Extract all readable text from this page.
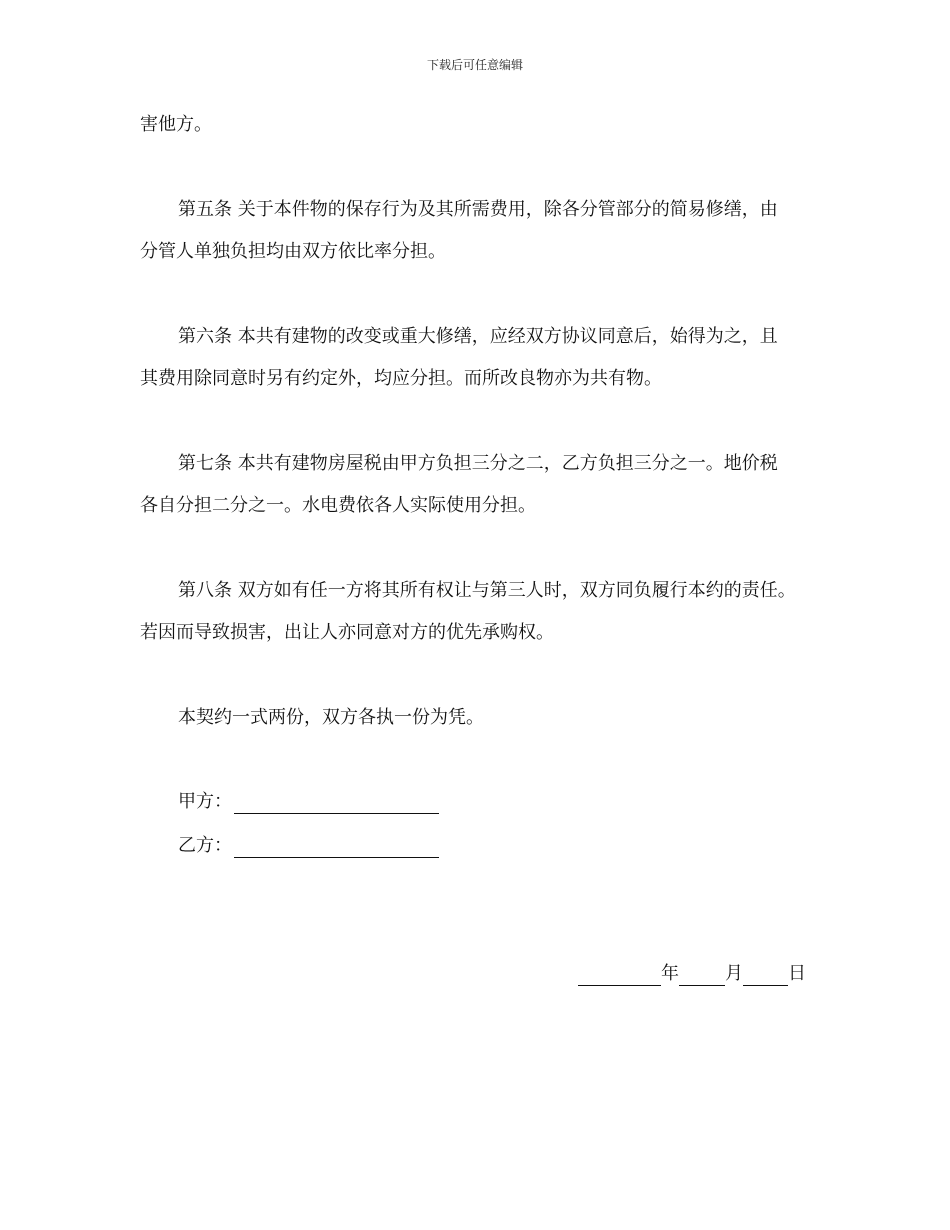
下载后可任意编辑
害他方。
第五条 关于本件物的保存行为及其所需费用，除各分管部分的简易修缮，由
分管人单独负担均由双方依比率分担。
第六条 本共有建物的改变或重大修缮，应经双方协议同意后，始得为之，且
其费用除同意时另有约定外，均应分担。而所改良物亦为共有物。
第七条 本共有建物房屋税由甲方负担三分之二，乙方负担三分之一。地价税
各自分担二分之一。水电费依各人实际使用分担。
第八条 双方如有任一方将其所有权让与第三人时，双方同负履行本约的责任。
若因而导致损害，出让人亦同意对方的优先承购权。
本契约一式两份，双方各执一份为凭。
甲方：
乙方：
年	月	日
